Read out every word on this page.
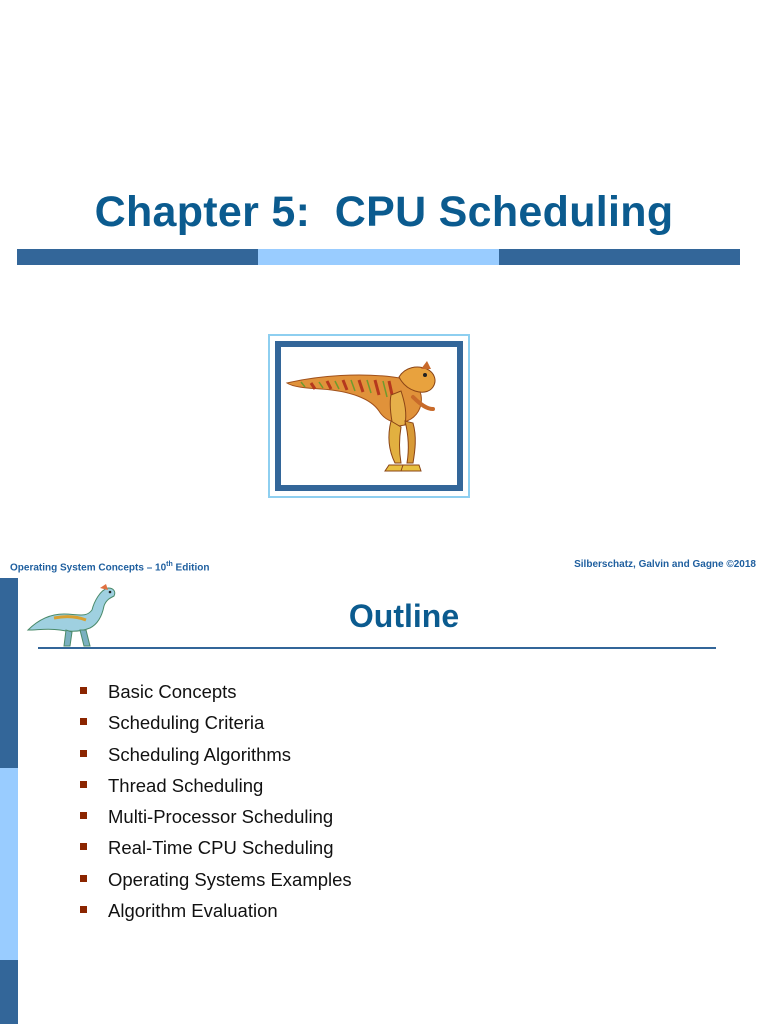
Chapter 5:  CPU Scheduling
Operating System Concepts – 10th Edition	Silberschatz, Galvin and Gagne ©2018
Outline
Basic Concepts
Scheduling Criteria
Scheduling Algorithms
Thread Scheduling
Multi-Processor Scheduling
Real-Time CPU Scheduling
Operating Systems Examples
Algorithm Evaluation
